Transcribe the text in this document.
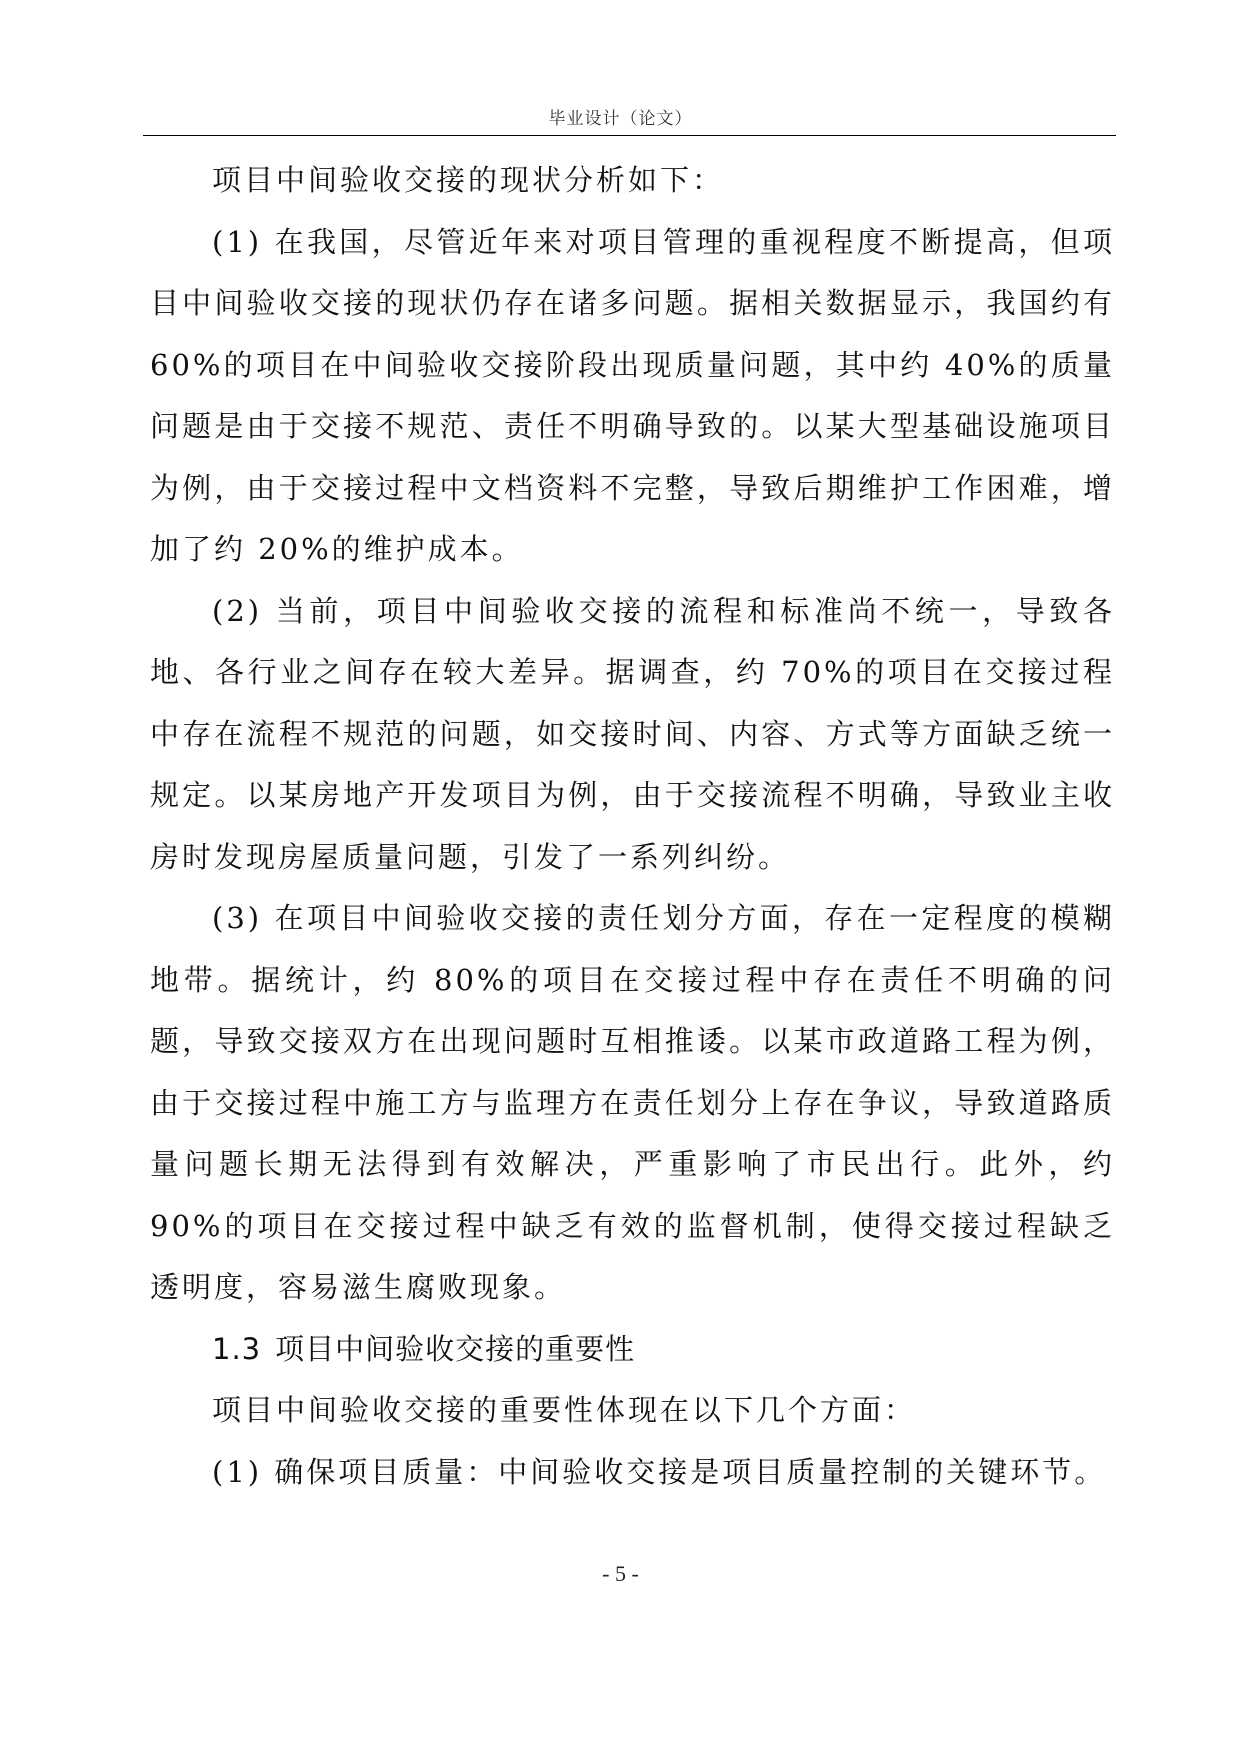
毕业设计（论文）

项目中间验收交接的现状分析如下：

(1) 在我国，尽管近年来对项目管理的重视程度不断提高，但项目中间验收交接的现状仍存在诸多问题。据相关数据显示，我国约有 60%的项目在中间验收交接阶段出现质量问题，其中约 40%的质量问题是由于交接不规范、责任不明确导致的。以某大型基础设施项目为例，由于交接过程中文档资料不完整，导致后期维护工作困难，增加了约 20%的维护成本。

(2) 当前，项目中间验收交接的流程和标准尚不统一，导致各地、各行业之间存在较大差异。据调查，约 70%的项目在交接过程中存在流程不规范的问题，如交接时间、内容、方式等方面缺乏统一规定。以某房地产开发项目为例，由于交接流程不明确，导致业主收房时发现房屋质量问题，引发了一系列纠纷。

(3) 在项目中间验收交接的责任划分方面，存在一定程度的模糊地带。据统计，约 80%的项目在交接过程中存在责任不明确的问题，导致交接双方在出现问题时互相推诿。以某市政道路工程为例，由于交接过程中施工方与监理方在责任划分上存在争议，导致道路质量问题长期无法得到有效解决，严重影响了市民出行。此外，约 90%的项目在交接过程中缺乏有效的监督机制，使得交接过程缺乏透明度，容易滋生腐败现象。

1.3 项目中间验收交接的重要性

项目中间验收交接的重要性体现在以下几个方面：

(1) 确保项目质量：中间验收交接是项目质量控制的关键环节。

- 5 -
